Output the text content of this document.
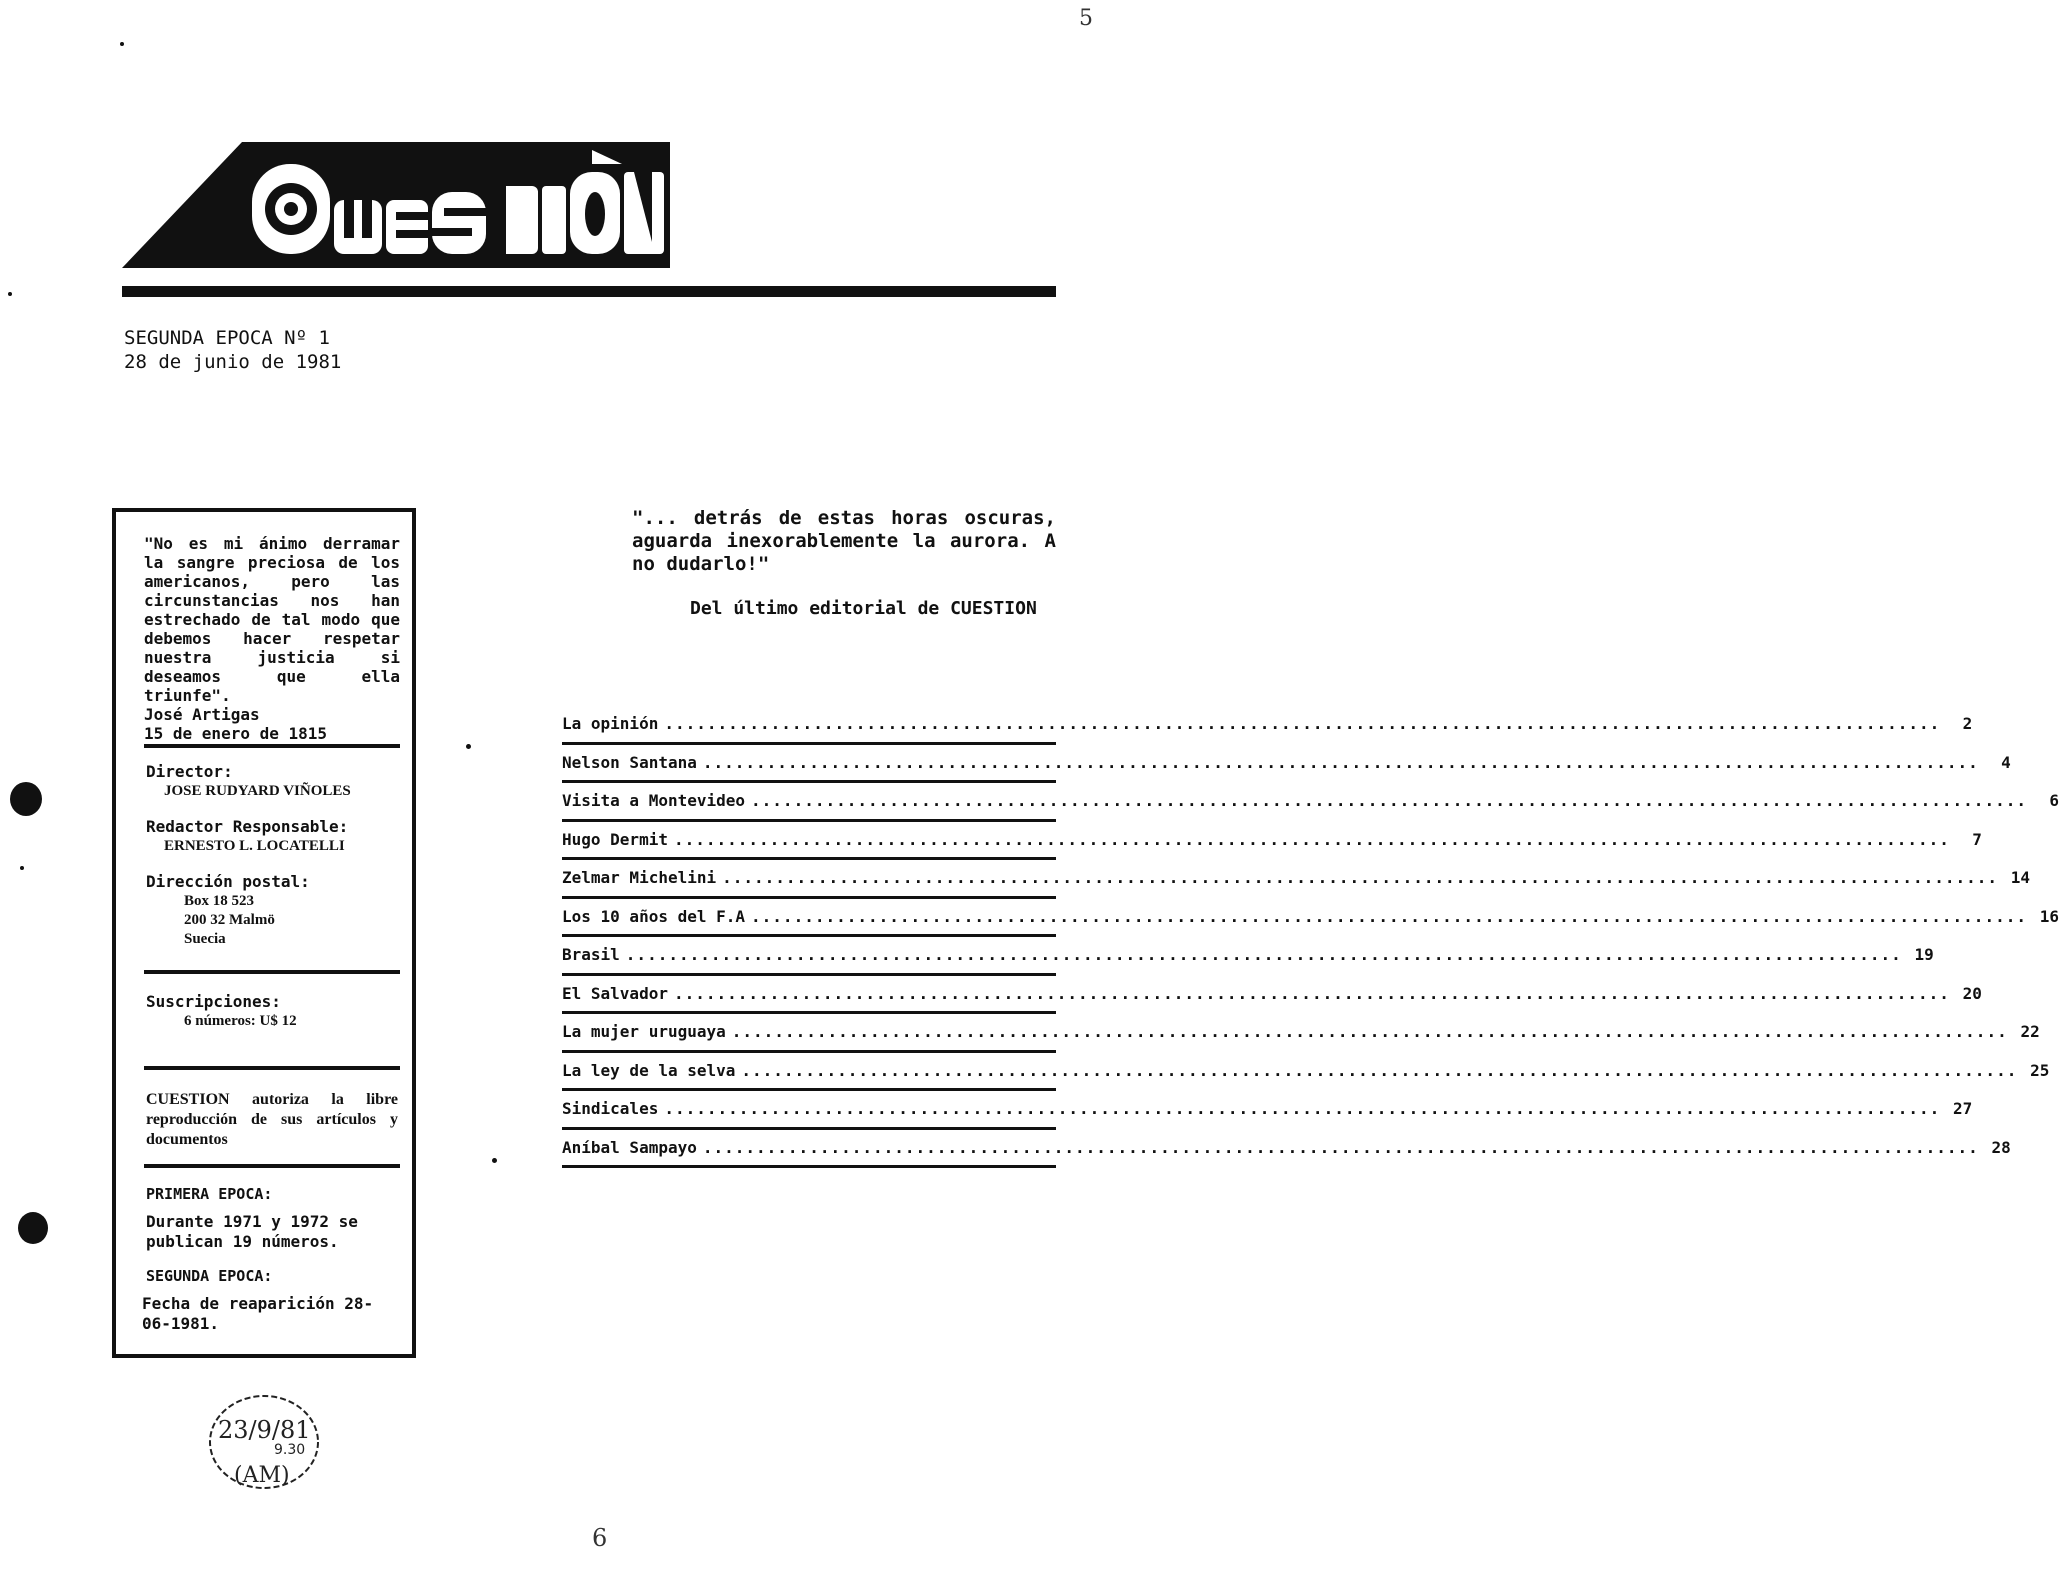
5
SEGUNDA EPOCA Nº 1
28 de junio de 1981

"No es mi ánimo derramar la sangre preciosa de los americanos, pero las circunstancias nos han estrechado de tal modo que debemos hacer respetar nuestra justicia si deseamos que ella triunfe".

José Artigas

15 de enero de 1815

Director:
JOSE RUDYARD VIÑOLES
Redactor Responsable:
ERNESTO L. LOCATELLI
Dirección postal:
Box 18 523
200 32 Malmö
Suecia
Suscripciones:
6 números: U$ 12
CUESTION autoriza la libre reproducción de sus artículos y documentos
PRIMERA EPOCA:
Durante 1971 y 1972 se publican 19 números.
SEGUNDA EPOCA:
Fecha de reaparición 28-06-1981.

"... detrás de estas horas oscuras, aguarda inexorablemente la aurora. A no dudarlo!"

Del último editorial de CUESTION
La opinión ........................................................................................................................	2
Nelson Santana ........................................................................................................................	4
Visita a Montevideo ........................................................................................................................	6
Hugo Dermit ........................................................................................................................	7
Zelmar Michelini ........................................................................................................................ 14
Los 10 años del F.A ........................................................................................................................ 16
Brasil ........................................................................................................................ 19
El Salvador ........................................................................................................................ 20
La mujer uruguaya ........................................................................................................................ 22
La ley de la selva ........................................................................................................................ 25
Sindicales ........................................................................................................................ 27
Aníbal Sampayo ........................................................................................................................ 28
23/9/81
9.30
(AM)
6
